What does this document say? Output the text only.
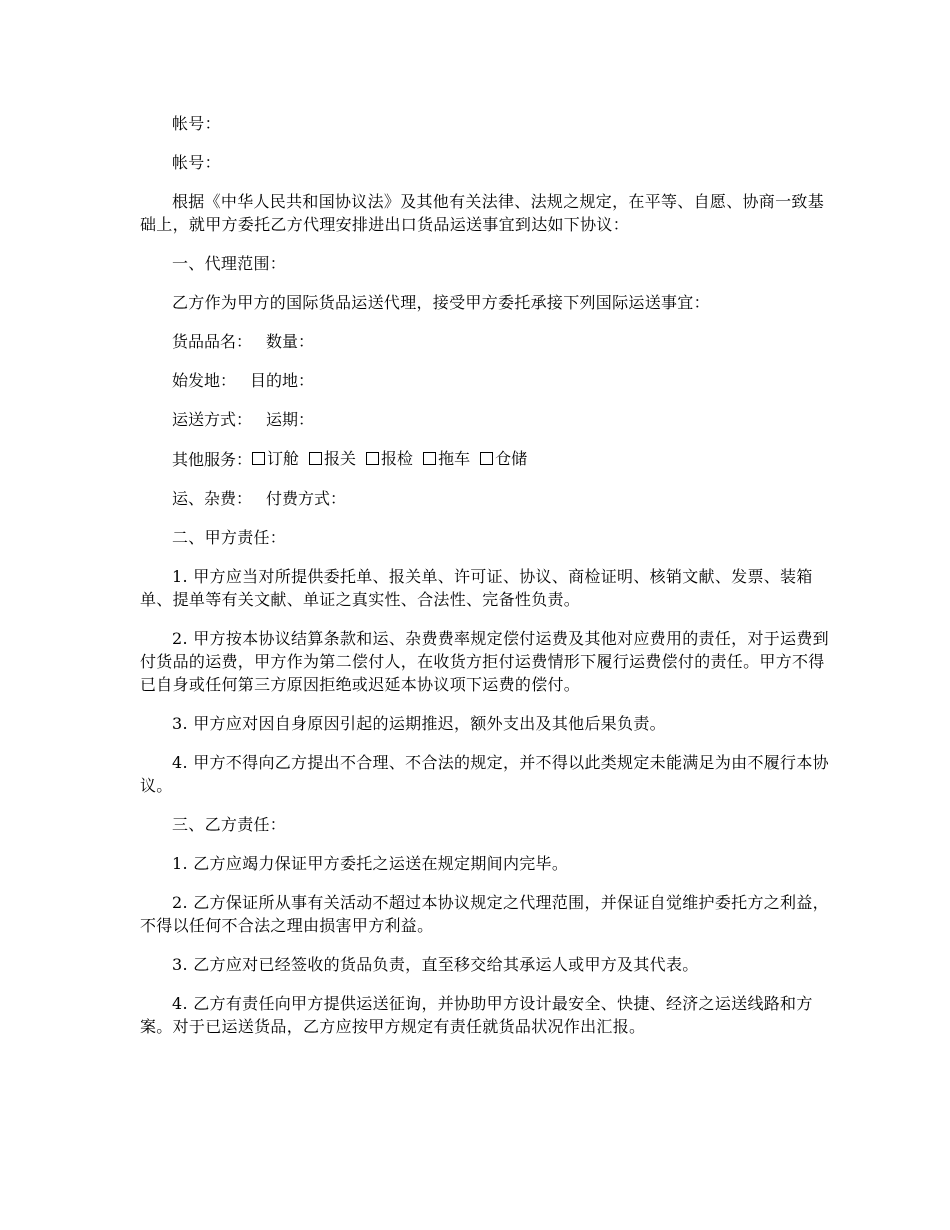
帐号：

帐号：

根据《中华人民共和国协议法》及其他有关法律、法规之规定，在平等、自愿、协商一致基础上，就甲方委托乙方代理安排进出口货品运送事宜到达如下协议：

一、代理范围：

乙方作为甲方的国际货品运送代理，接受甲方委托承接下列国际运送事宜：

货品品名： 数量：
始发地： 目的地：
运送方式： 运期：
其他服务： 订舱 报关 报检 拖车 仓储
运、杂费： 付费方式：

二、甲方责任：

1. 甲方应当对所提供委托单、报关单、许可证、协议、商检证明、核销文献、发票、装箱单、提单等有关文献、单证之真实性、合法性、完备性负责。

2. 甲方按本协议结算条款和运、杂费费率规定偿付运费及其他对应费用的责任，对于运费到付货品的运费，甲方作为第二偿付人，在收货方拒付运费情形下履行运费偿付的责任。甲方不得已自身或任何第三方原因拒绝或迟延本协议项下运费的偿付。

3. 甲方应对因自身原因引起的运期推迟，额外支出及其他后果负责。

4. 甲方不得向乙方提出不合理、不合法的规定，并不得以此类规定未能满足为由不履行本协议。

三、乙方责任：

1. 乙方应竭力保证甲方委托之运送在规定期间内完毕。

2. 乙方保证所从事有关活动不超过本协议规定之代理范围，并保证自觉维护委托方之利益，不得以任何不合法之理由损害甲方利益。

3. 乙方应对已经签收的货品负责，直至移交给其承运人或甲方及其代表。

4. 乙方有责任向甲方提供运送征询，并协助甲方设计最安全、快捷、经济之运送线路和方案。对于已运送货品，乙方应按甲方规定有责任就货品状况作出汇报。
